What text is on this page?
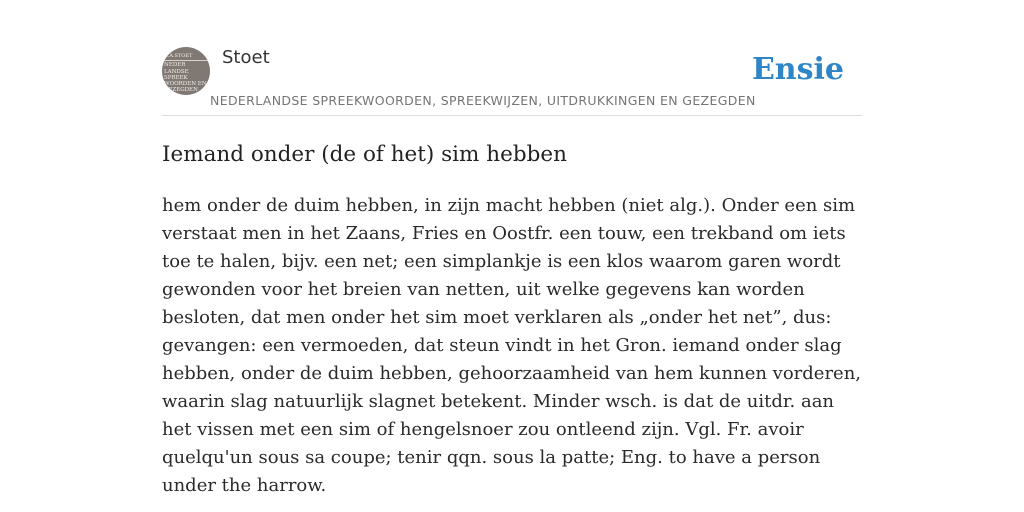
K.A.STOET
NEDER
LANDSE
SPREEK
WOORDEN EN
GEZEGDEN
Stoet
NEDERLANDSE SPREEKWOORDEN, SPREEKWIJZEN, UITDRUKKINGEN EN GEZEGDEN
Ensie
Iemand onder (de of het) sim hebben

hem onder de duim hebben, in zijn macht hebben (niet alg.). Onder een sim verstaat men in het Zaans, Fries en Oostfr. een touw, een trekband om iets toe te halen, bijv. een net; een simplankje is een klos waarom garen wordt gewonden voor het breien van netten, uit welke gegevens kan worden besloten, dat men onder het sim moet verklaren als „onder het net”, dus: gevangen: een vermoeden, dat steun vindt in het Gron. iemand onder slag hebben, onder de duim hebben, gehoorzaamheid van hem kunnen vorderen, waarin slag natuurlijk slagnet betekent. Minder wsch. is dat de uitdr. aan het vissen met een sim of hengelsnoer zou ontleend zijn. Vgl. Fr. avoir quelqu'un sous sa coupe; tenir qqn. sous la patte; Eng. to have a person under the harrow.
